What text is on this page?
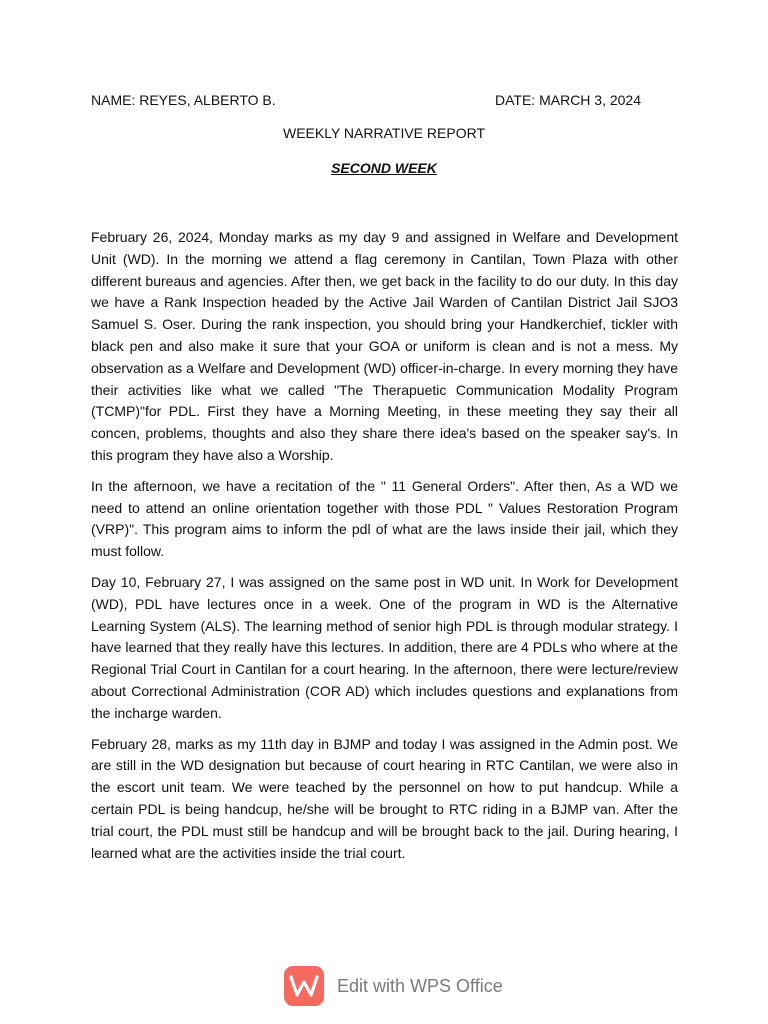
NAME: REYES, ALBERTO B.	DATE: MARCH 3, 2024
WEEKLY NARRATIVE REPORT
SECOND WEEK

February 26, 2024, Monday marks as my day 9 and assigned in Welfare and Development Unit (WD). In the morning we attend a flag ceremony in Cantilan, Town Plaza with other different bureaus and agencies. After then, we get back in the facility to do our duty. In this day we have a Rank Inspection headed by the Active Jail Warden of Cantilan District Jail SJO3 Samuel S. Oser. During the rank inspection, you should bring your Handkerchief, tickler with black pen and also make it sure that your GOA or uniform is clean and is not a mess. My observation as a Welfare and Development (WD) officer-in-charge. In every morning they have their activities like what we called "The Therapuetic Communication Modality Program (TCMP)"for PDL. First they have a Morning Meeting, in these meeting they say their all concen, problems, thoughts and also they share there idea's based on the speaker say's. In this program they have also a Worship.

In the afternoon, we have a recitation of the " 11 General Orders". After then, As a WD we need to attend an online orientation together with those PDL " Values Restoration Program (VRP)". This program aims to inform the pdl of what are the laws inside their jail, which they must follow.

Day 10, February 27, I was assigned on the same post in WD unit. In Work for Development (WD), PDL have lectures once in a week. One of the program in WD is the Alternative Learning System (ALS). The learning method of senior high PDL is through modular strategy. I have learned that they really have this lectures. In addition, there are 4 PDLs who where at the Regional Trial Court in Cantilan for a court hearing. In the afternoon, there were lecture/review about Correctional Administration (COR AD) which includes questions and explanations from the incharge warden.

February 28, marks as my 11th day in BJMP and today I was assigned in the Admin post. We are still in the WD designation but because of court hearing in RTC Cantilan, we were also in the escort unit team. We were teached by the personnel on how to put handcup. While a certain PDL is being handcup, he/she will be brought to RTC riding in a BJMP van. After the trial court, the PDL must still be handcup and will be brought back to the jail. During hearing, I learned what are the activities inside the trial court.

Edit with WPS Office
